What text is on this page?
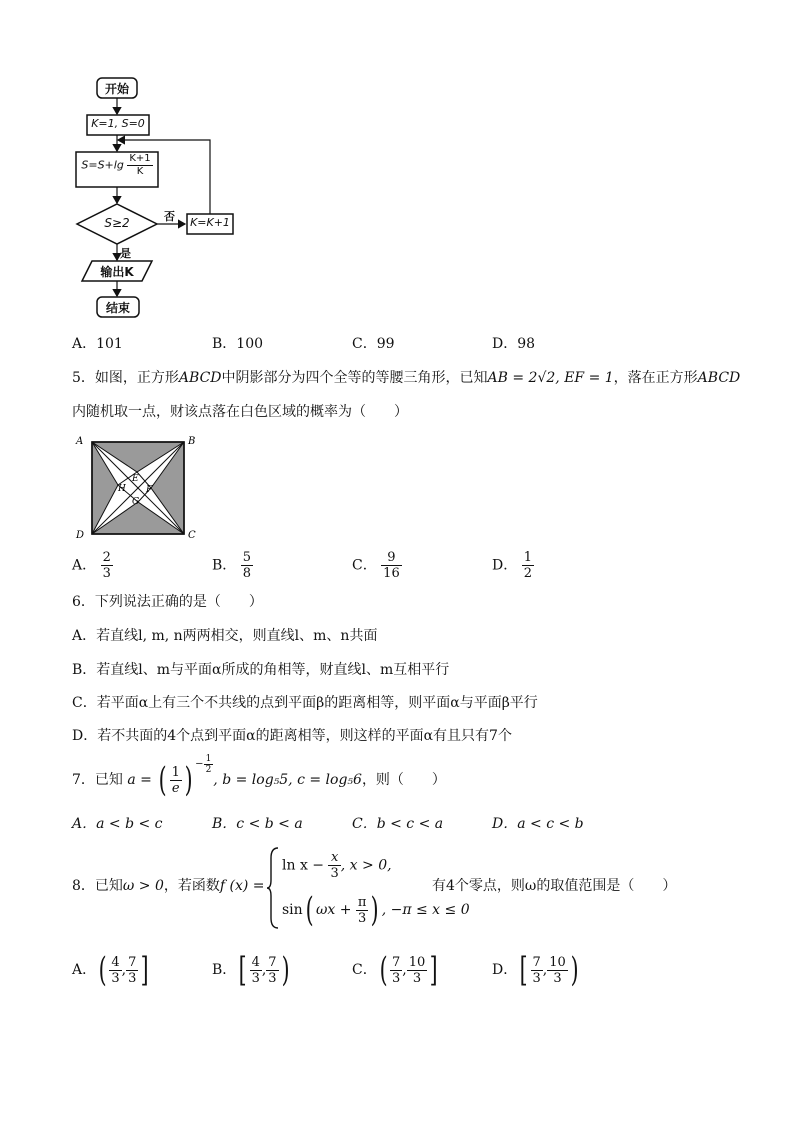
开始
K=1, S=0
$S=S+\lg \frac{K+1}{K}$
S≥2	否 K=K+1
是
输出K
结束
A．101	B．100	C．99	D．98
5．如图，正方形ABCD中阴影部分为四个全等的等腰三角形，已知AB = 2√2, EF = 1，落在正方形ABCD
内随机取一点，财该点落在白色区域的概率为（　　）
A	B
C
D
E
F
G
H
A． $\frac{2}{3}$	B． $\frac{5}{8}$	C． $\frac{9}{16}$	D． $\frac{1}{2}$
6．下列说法正确的是（　　）
A．若直线l, m, n两两相交，则直线l、m、n共面
B．若直线l、m与平面α所成的角相等，财直线l、m互相平行
C．若平面α上有三个不共线的点到平面β的距离相等，则平面α与平面β平行
D．若不共面的4个点到平面α的距离相等，则这样的平面α有且只有7个
7．已知 a = ( $\frac{1}{e}$ ) − $\frac{1}{2}$
, b = log₅5, c = log₅6，则（　　）
A．a < b < c	B．c < b < a	C．b < c < a	D．a < c < b
8．已知ω > 0，若函数f (x) =
$\ln x - \frac{x}{3}$ , x > 0,
sin( $\omega x + \frac{\pi}{3}$ ) , −π ≤ x ≤ 0
有4个零点，则ω的取值范围是（　　）
A．( $\frac{4}{3}$ , $\frac{7}{3}$ ]	B．[ $\frac{4}{3}$ , $\frac{7}{3}$ )	C．( $\frac{7}{3}$ , $\frac{10}{3}$ ]	D．[ $\frac{7}{3}$ , $\frac{10}{3}$ )
